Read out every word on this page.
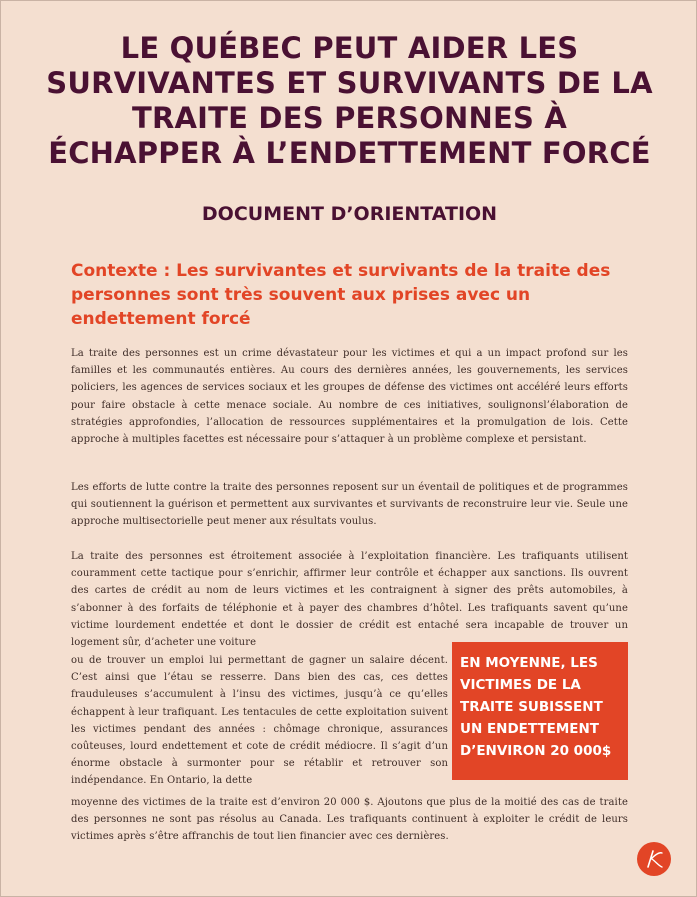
LE QUÉBEC PEUT AIDER LES SURVIVANTES ET SURVIVANTS DE LA TRAITE DES PERSONNES À ÉCHAPPER À L’ENDETTEMENT FORCÉ
DOCUMENT D’ORIENTATION
Contexte : Les survivantes et survivants de la traite des personnes sont très souvent aux prises avec un endettement forcé

La traite des personnes est un crime dévastateur pour les victimes et qui a un impact profond sur les familles et les communautés entières. Au cours des dernières années, les gouvernements, les services policiers, les agences de services sociaux et les groupes de défense des victimes ont accéléré leurs efforts pour faire obstacle à cette menace sociale. Au nombre de ces initiatives, soulignonsl’élaboration de stratégies approfondies, l’allocation de ressources supplémentaires et la promulgation de lois. Cette approche à multiples facettes est nécessaire pour s’attaquer à un problème complexe et persistant.

Les efforts de lutte contre la traite des personnes reposent sur un éventail de politiques et de programmes qui soutiennent la guérison et permettent aux survivantes et survivants de reconstruire leur vie. Seule une approche multisectorielle peut mener aux résultats voulus.

La traite des personnes est étroitement associée à l’exploitation financière. Les trafiquants utilisent couramment cette tactique pour s’enrichir, affirmer leur contrôle et échapper aux sanctions. Ils ouvrent des cartes de crédit au nom de leurs victimes et les contraignent à signer des prêts automobiles, à s’abonner à des forfaits de téléphonie et à payer des chambres d’hôtel. Les trafiquants savent qu’une victime lourdement endettée et dont le dossier de crédit est entaché sera incapable de trouver un logement sûr, d’acheter une voiture

ou de trouver un emploi lui permettant de gagner un salaire décent. C’est ainsi que l’étau se resserre. Dans bien des cas, ces dettes frauduleuses s’accumulent à l’insu des victimes, jusqu’à ce qu’elles échappent à leur trafiquant. Les tentacules de cette exploitation suivent les victimes pendant des années : chômage chronique, assurances coûteuses, lourd endettement et cote de crédit médiocre. Il s’agit d’un énorme obstacle à surmonter pour se rétablir et retrouver son indépendance. En Ontario, la dette

moyenne des victimes de la traite est d’environ 20 000 $. Ajoutons que plus de la moitié des cas de traite des personnes ne sont pas résolus au Canada. Les trafiquants continuent à exploiter le crédit de leurs victimes après s’être affranchis de tout lien financier avec ces dernières.

EN MOYENNE, LES VICTIMES DE LA TRAITE SUBISSENT UN ENDETTEMENT D’ENVIRON 20 000$
